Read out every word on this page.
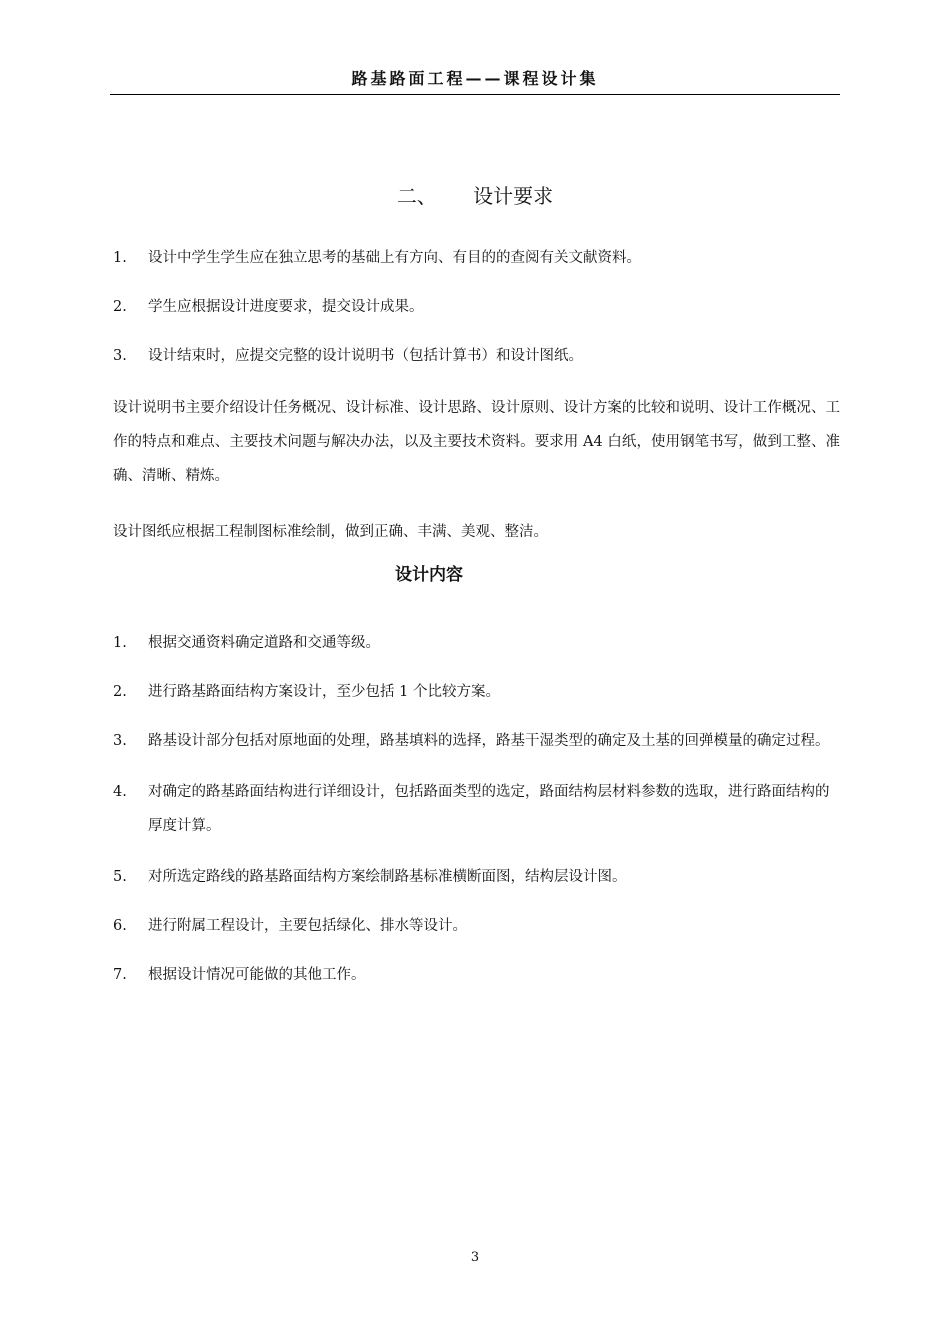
路基路面工程——课程设计集
二、 设计要求
1. 设计中学生学生应在独立思考的基础上有方向、有目的的查阅有关文献资料。
2. 学生应根据设计进度要求，提交设计成果。
3. 设计结束时，应提交完整的设计说明书（包括计算书）和设计图纸。

设计说明书主要介绍设计任务概况、设计标准、设计思路、设计原则、设计方案的比较和说明、设计工作概况、工作的特点和难点、主要技术问题与解决办法，以及主要技术资料。要求用 A4 白纸，使用钢笔书写，做到工整、准确、清晰、精炼。

设计图纸应根据工程制图标准绘制，做到正确、丰满、美观、整洁。

设计内容
1. 根据交通资料确定道路和交通等级。
2. 进行路基路面结构方案设计，至少包括 1 个比较方案。
3. 路基设计部分包括对原地面的处理，路基填料的选择，路基干湿类型的确定及土基的回弹模量的确定过程。
4. 对确定的路基路面结构进行详细设计，包括路面类型的选定，路面结构层材料参数的选取，进行路面结构的厚度计算。
5. 对所选定路线的路基路面结构方案绘制路基标准横断面图，结构层设计图。
6. 进行附属工程设计，主要包括绿化、排水等设计。
7. 根据设计情况可能做的其他工作。
3
